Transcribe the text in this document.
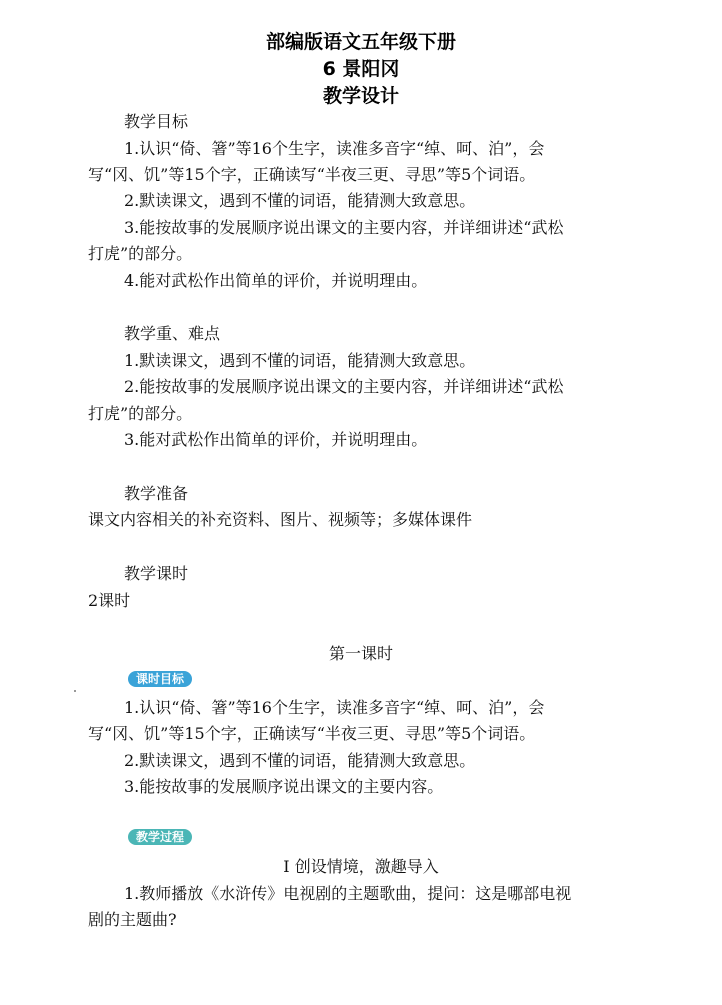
部编版语文五年级下册
6 景阳冈
教学设计
教学目标
1.认识“倚、箸”等16个生字，读准多音字“绰、呵、泊”，会
写“冈、饥”等15个字，正确读写“半夜三更、寻思”等5个词语。
2.默读课文，遇到不懂的词语，能猜测大致意思。
3.能按故事的发展顺序说出课文的主要内容，并详细讲述“武松
打虎”的部分。
4.能对武松作出简单的评价，并说明理由。
教学重、难点
1.默读课文，遇到不懂的词语，能猜测大致意思。
2.能按故事的发展顺序说出课文的主要内容，并详细讲述“武松
打虎”的部分。
3.能对武松作出简单的评价，并说明理由。
教学准备
课文内容相关的补充资料、图片、视频等；多媒体课件
教学课时
2课时
第一课时
课时目标
1.认识“倚、箸”等16个生字，读准多音字“绰、呵、泊”，会
写“冈、饥”等15个字，正确读写“半夜三更、寻思”等5个词语。
2.默读课文，遇到不懂的词语，能猜测大致意思。
3.能按故事的发展顺序说出课文的主要内容。
教学过程
Ⅰ 创设情境，激趣导入
1.教师播放《水浒传》电视剧的主题歌曲，提问：这是哪部电视
剧的主题曲?
